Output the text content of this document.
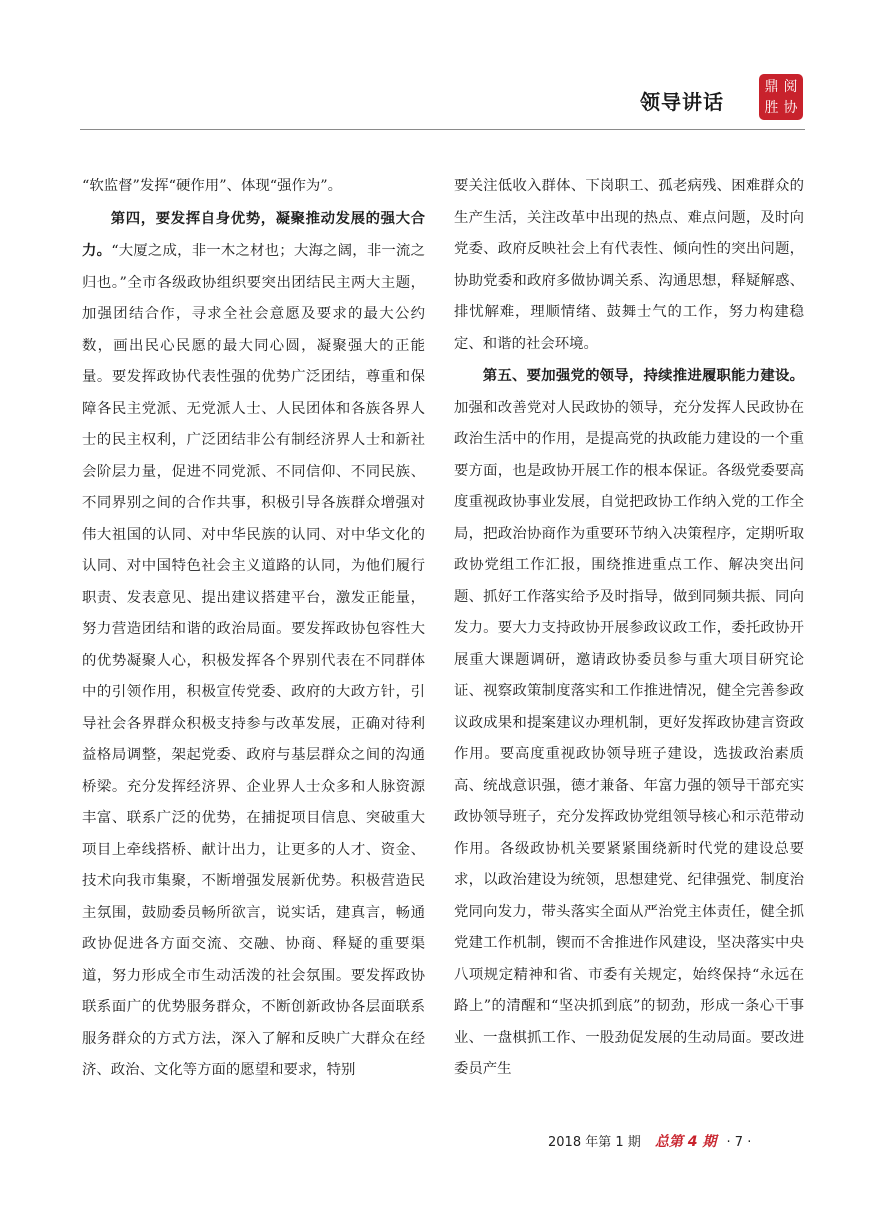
领导讲话
鼎 阅
胜 协

“软监督”发挥“硬作用”、体现“强作为”。

第四，要发挥自身优势，凝聚推动发展的强大合力。“大厦之成，非一木之材也；大海之阔，非一流之归也。”全市各级政协组织要突出团结民主两大主题，加强团结合作，寻求全社会意愿及要求的最大公约数，画出民心民愿的最大同心圆，凝聚强大的正能量。要发挥政协代表性强的优势广泛团结，尊重和保障各民主党派、无党派人士、人民团体和各族各界人士的民主权利，广泛团结非公有制经济界人士和新社会阶层力量，促进不同党派、不同信仰、不同民族、不同界别之间的合作共事，积极引导各族群众增强对伟大祖国的认同、对中华民族的认同、对中华文化的认同、对中国特色社会主义道路的认同，为他们履行职责、发表意见、提出建议搭建平台，激发正能量，努力营造团结和谐的政治局面。要发挥政协包容性大的优势凝聚人心，积极发挥各个界别代表在不同群体中的引领作用，积极宣传党委、政府的大政方针，引导社会各界群众积极支持参与改革发展，正确对待利益格局调整，架起党委、政府与基层群众之间的沟通桥梁。充分发挥经济界、企业界人士众多和人脉资源丰富、联系广泛的优势，在捕捉项目信息、突破重大项目上牵线搭桥、献计出力，让更多的人才、资金、技术向我市集聚，不断增强发展新优势。积极营造民主氛围，鼓励委员畅所欲言，说实话，建真言，畅通政协促进各方面交流、交融、协商、释疑的重要渠道，努力形成全市生动活泼的社会氛围。要发挥政协联系面广的优势服务群众，不断创新政协各层面联系服务群众的方式方法，深入了解和反映广大群众在经济、政治、文化等方面的愿望和要求，特别

要关注低收入群体、下岗职工、孤老病残、困难群众的生产生活，关注改革中出现的热点、难点问题，及时向党委、政府反映社会上有代表性、倾向性的突出问题，协助党委和政府多做协调关系、沟通思想，释疑解惑、排忧解难，理顺情绪、鼓舞士气的工作，努力构建稳定、和谐的社会环境。

第五、要加强党的领导，持续推进履职能力建设。加强和改善党对人民政协的领导，充分发挥人民政协在政治生活中的作用，是提高党的执政能力建设的一个重要方面，也是政协开展工作的根本保证。各级党委要高度重视政协事业发展，自觉把政协工作纳入党的工作全局，把政治协商作为重要环节纳入决策程序，定期听取政协党组工作汇报，围绕推进重点工作、解决突出问题、抓好工作落实给予及时指导，做到同频共振、同向发力。要大力支持政协开展参政议政工作，委托政协开展重大课题调研，邀请政协委员参与重大项目研究论证、视察政策制度落实和工作推进情况，健全完善参政议政成果和提案建议办理机制，更好发挥政协建言资政作用。要高度重视政协领导班子建设，选拔政治素质高、统战意识强，德才兼备、年富力强的领导干部充实政协领导班子，充分发挥政协党组领导核心和示范带动作用。各级政协机关要紧紧围绕新时代党的建设总要求，以政治建设为统领，思想建党、纪律强党、制度治党同向发力，带头落实全面从严治党主体责任，健全抓党建工作机制，锲而不舍推进作风建设，坚决落实中央八项规定精神和省、市委有关规定，始终保持“永远在路上”的清醒和“坚决抓到底”的韧劲，形成一条心干事业、一盘棋抓工作、一股劲促发展的生动局面。要改进委员产生

2018 年第 1 期 总第 4 期 · 7 ·
